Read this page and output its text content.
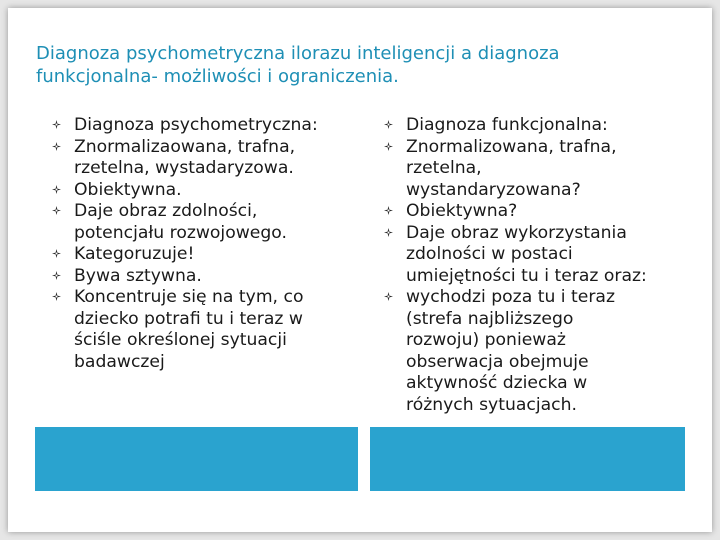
Diagnoza psychometryczna ilorazu inteligencji a diagnoza
funkcjonalna- możliwości i ograniczenia.
Diagnoza psychometryczna:
Znormalizaowana, trafna,
rzetelna, wystadaryzowa.
Obiektywna.
Daje obraz zdolności,
potencjału rozwojowego.
Kategoruzuje!
Bywa sztywna.
Koncentruje się na tym, co
dziecko potrafi tu i teraz w
ściśle określonej sytuacji
badawczej
Diagnoza funkcjonalna:
Znormalizowana, trafna,
rzetelna,
wystandaryzowana?
Obiektywna?
Daje obraz wykorzystania
zdolności w postaci
umiejętności tu i teraz oraz:
wychodzi poza tu i teraz
(strefa najbliższego
rozwoju) ponieważ
obserwacja obejmuje
aktywność dziecka w
różnych sytuacjach.
